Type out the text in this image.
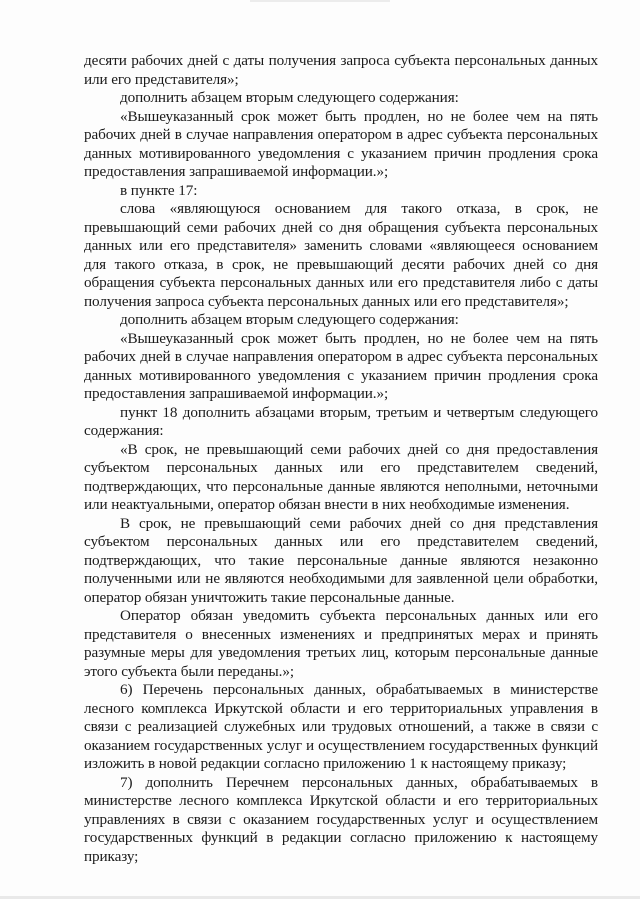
десяти рабочих дней с даты получения запроса субъекта персональных данных или его представителя»;

дополнить абзацем вторым следующего содержания:

«Вышеуказанный срок может быть продлен, но не более чем на пять рабочих дней в случае направления оператором в адрес субъекта персональных данных мотивированного уведомления с указанием причин продления срока предоставления запрашиваемой информации.»;

в пункте 17:

слова «являющуюся основанием для такого отказа, в срок, не превышающий семи рабочих дней со дня обращения субъекта персональных данных или его представителя» заменить словами «являющееся основанием для такого отказа, в срок, не превышающий десяти рабочих дней со дня обращения субъекта персональных данных или его представителя либо с даты получения запроса субъекта персональных данных или его представителя»;

дополнить абзацем вторым следующего содержания:

«Вышеуказанный срок может быть продлен, но не более чем на пять рабочих дней в случае направления оператором в адрес субъекта персональных данных мотивированного уведомления с указанием причин продления срока предоставления запрашиваемой информации.»;

пункт 18 дополнить абзацами вторым, третьим и четвертым следующего содержания:

«В срок, не превышающий семи рабочих дней со дня предоставления субъектом персональных данных или его представителем сведений, подтверждающих, что персональные данные являются неполными, неточными или неактуальными, оператор обязан внести в них необходимые изменения.

В срок, не превышающий семи рабочих дней со дня представления субъектом персональных данных или его представителем сведений, подтверждающих, что такие персональные данные являются незаконно полученными или не являются необходимыми для заявленной цели обработки, оператор обязан уничтожить такие персональные данные.

Оператор обязан уведомить субъекта персональных данных или его представителя о внесенных изменениях и предпринятых мерах и принять разумные меры для уведомления третьих лиц, которым персональные данные этого субъекта были переданы.»;

6) Перечень персональных данных, обрабатываемых в министерстве лесного комплекса Иркутской области и его территориальных управления в связи с реализацией служебных или трудовых отношений, а также в связи с оказанием государственных услуг и осуществлением государственных функций изложить в новой редакции согласно приложению 1 к настоящему приказу;

7) дополнить Перечнем персональных данных, обрабатываемых в министерстве лесного комплекса Иркутской области и его территориальных управлениях в связи с оказанием государственных услуг и осуществлением государственных функций в редакции согласно приложению к настоящему приказу;
